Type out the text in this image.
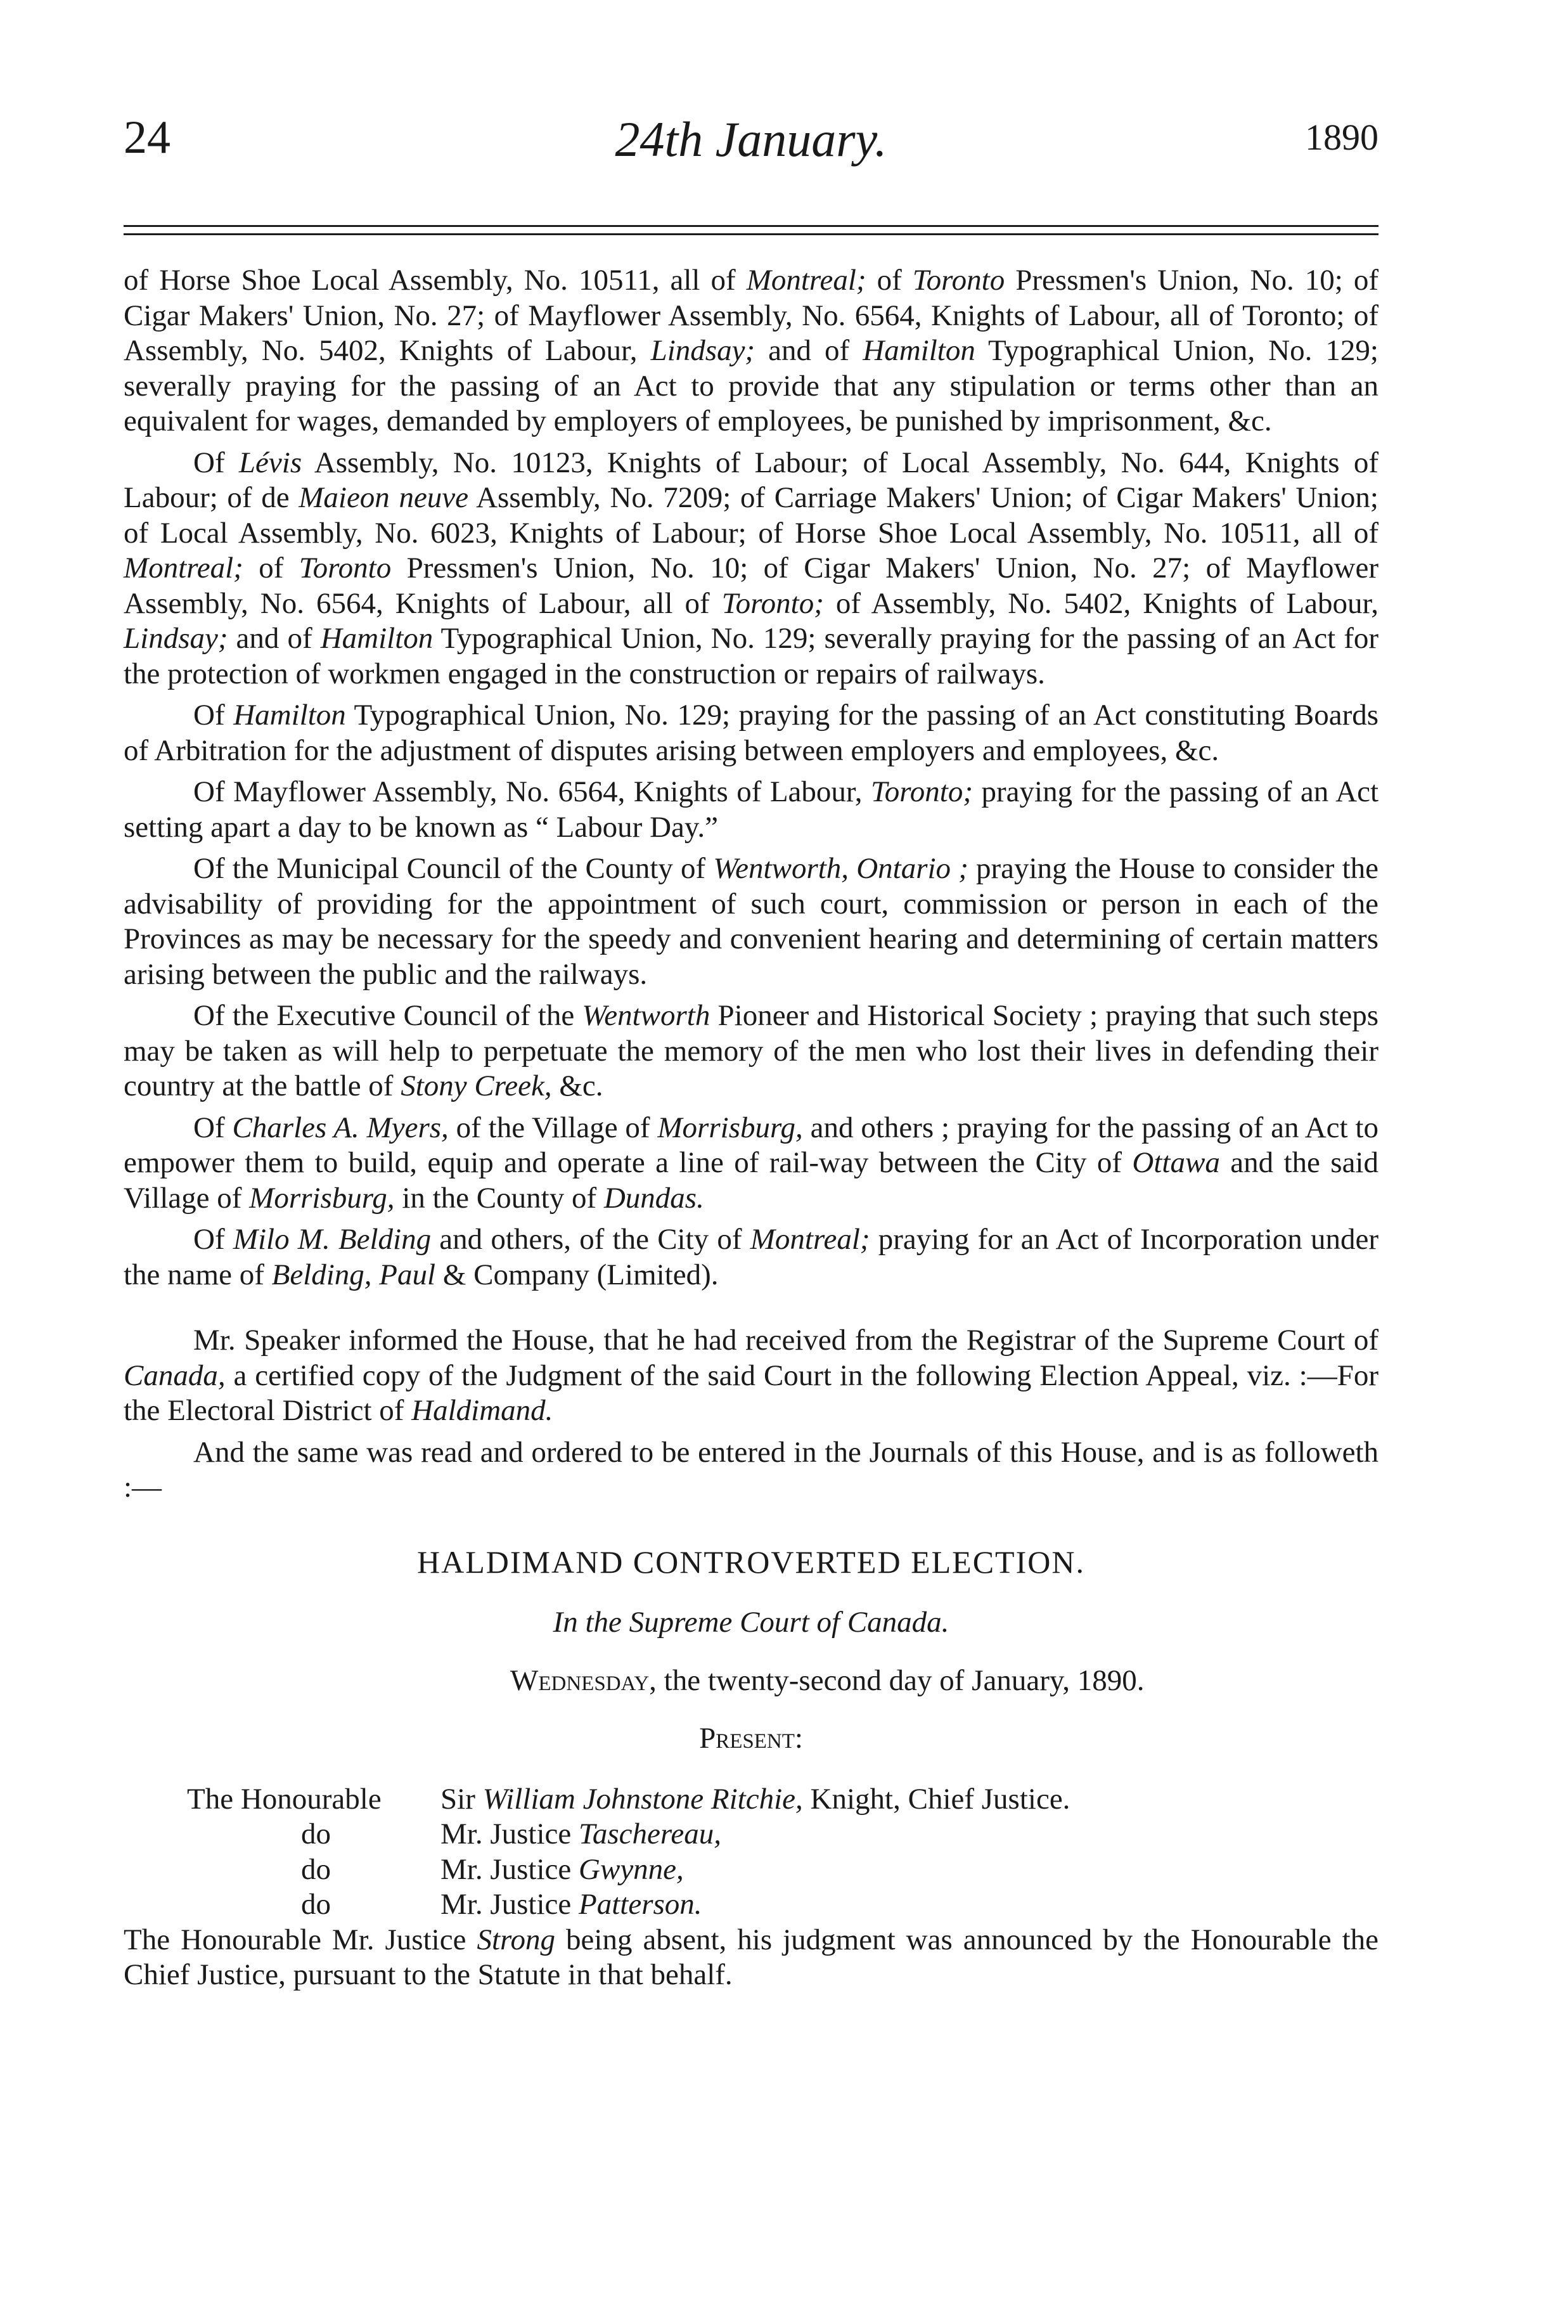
24	24th January.	1890

of Horse Shoe Local Assembly, No. 10511, all of Montreal; of Toronto Pressmen's Union, No. 10; of Cigar Makers' Union, No. 27; of Mayflower Assembly, No. 6564, Knights of Labour, all of Toronto; of Assembly, No. 5402, Knights of Labour, Lindsay; and of Hamilton Typographical Union, No. 129; severally praying for the passing of an Act to provide that any stipulation or terms other than an equivalent for wages, demanded by employers of employees, be punished by imprisonment, &c.

Of Lévis Assembly, No. 10123, Knights of Labour; of Local Assembly, No. 644, Knights of Labour; of de Maieon neuve Assembly, No. 7209; of Carriage Makers' Union; of Cigar Makers' Union; of Local Assembly, No. 6023, Knights of Labour; of Horse Shoe Local Assembly, No. 10511, all of Montreal; of Toronto Pressmen's Union, No. 10; of Cigar Makers' Union, No. 27; of Mayflower Assembly, No. 6564, Knights of Labour, all of Toronto; of Assembly, No. 5402, Knights of Labour, Lindsay; and of Hamilton Typographical Union, No. 129; severally praying for the passing of an Act for the protection of workmen engaged in the construction or repairs of railways.

Of Hamilton Typographical Union, No. 129; praying for the passing of an Act constituting Boards of Arbitration for the adjustment of disputes arising between employers and employees, &c.

Of Mayflower Assembly, No. 6564, Knights of Labour, Toronto; praying for the passing of an Act setting apart a day to be known as “ Labour Day.”

Of the Municipal Council of the County of Wentworth, Ontario ; praying the House to consider the advisability of providing for the appointment of such court, commission or person in each of the Provinces as may be necessary for the speedy and convenient hearing and determining of certain matters arising between the public and the railways.

Of the Executive Council of the Wentworth Pioneer and Historical Society ; praying that such steps may be taken as will help to perpetuate the memory of the men who lost their lives in defending their country at the battle of Stony Creek, &c.

Of Charles A. Myers, of the Village of Morrisburg, and others ; praying for the passing of an Act to empower them to build, equip and operate a line of rail-way between the City of Ottawa and the said Village of Morrisburg, in the County of Dundas.

Of Milo M. Belding and others, of the City of Montreal; praying for an Act of Incorporation under the name of Belding, Paul & Company (Limited).

Mr. Speaker informed the House, that he had received from the Registrar of the Supreme Court of Canada, a certified copy of the Judgment of the said Court in the following Election Appeal, viz. :—For the Electoral District of Haldimand.

And the same was read and ordered to be entered in the Journals of this House, and is as followeth :—

HALDIMAND CONTROVERTED ELECTION.

In the Supreme Court of Canada.

Wednesday, the twenty-second day of January, 1890.

Present:

The Honourable	Sir William Johnstone Ritchie, Knight, Chief Justice.
do	Mr. Justice Taschereau,
do	Mr. Justice Gwynne,
do	Mr. Justice Patterson.

The Honourable Mr. Justice Strong being absent, his judgment was announced by the Honourable the Chief Justice, pursuant to the Statute in that behalf.
